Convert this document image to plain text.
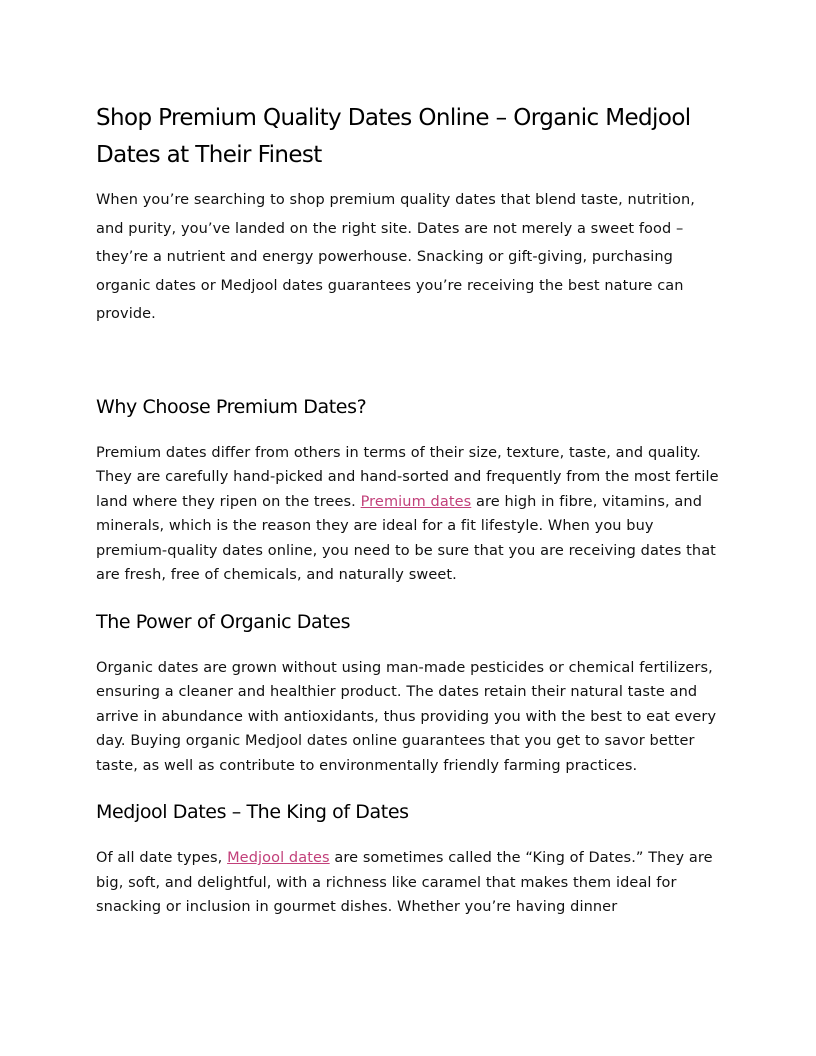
Shop Premium Quality Dates Online – Organic Medjool Dates at Their Finest

When you’re searching to shop premium quality dates that blend taste, nutrition, and purity, you’ve landed on the right site. Dates are not merely a sweet food – they’re a nutrient and energy powerhouse. Snacking or gift-giving, purchasing organic dates or Medjool dates guarantees you’re receiving the best nature can provide.

Why Choose Premium Dates?

Premium dates differ from others in terms of their size, texture, taste, and quality. They are carefully hand-picked and hand-sorted and frequently from the most fertile land where they ripen on the trees. Premium dates are high in fibre, vitamins, and minerals, which is the reason they are ideal for a fit lifestyle. When you buy premium-quality dates online, you need to be sure that you are receiving dates that are fresh, free of chemicals, and naturally sweet.

The Power of Organic Dates

Organic dates are grown without using man-made pesticides or chemical fertilizers, ensuring a cleaner and healthier product. The dates retain their natural taste and arrive in abundance with antioxidants, thus providing you with the best to eat every day. Buying organic Medjool dates online guarantees that you get to savor better taste, as well as contribute to environmentally friendly farming practices.

Medjool Dates – The King of Dates

Of all date types, Medjool dates are sometimes called the “King of Dates.” They are big, soft, and delightful, with a richness like caramel that makes them ideal for snacking or inclusion in gourmet dishes. Whether you’re having dinner
